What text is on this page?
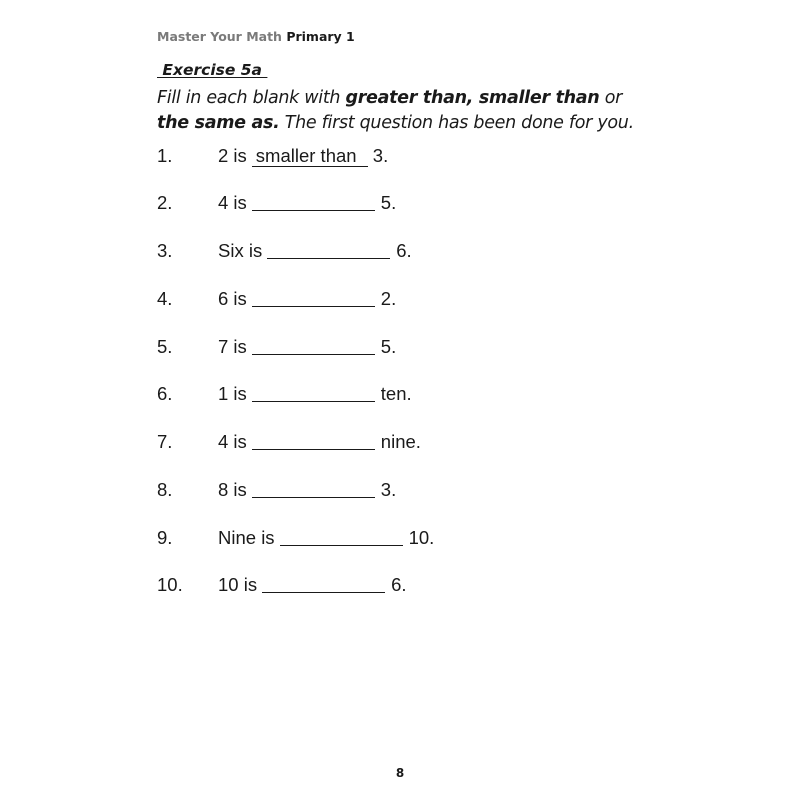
Master Your Math Primary 1
Exercise 5a
Fill in each blank with greater than, smaller than or
the same as. The first question has been done for you.
1. 2 is smaller than 3.
2. 4 is	5.
3. Six is	6.
4. 6 is	2.
5. 7 is	5.
6. 1 is	ten.
7. 4 is	nine.
8. 8 is	3.
9. Nine is	10.
10. 10 is	6.
8
